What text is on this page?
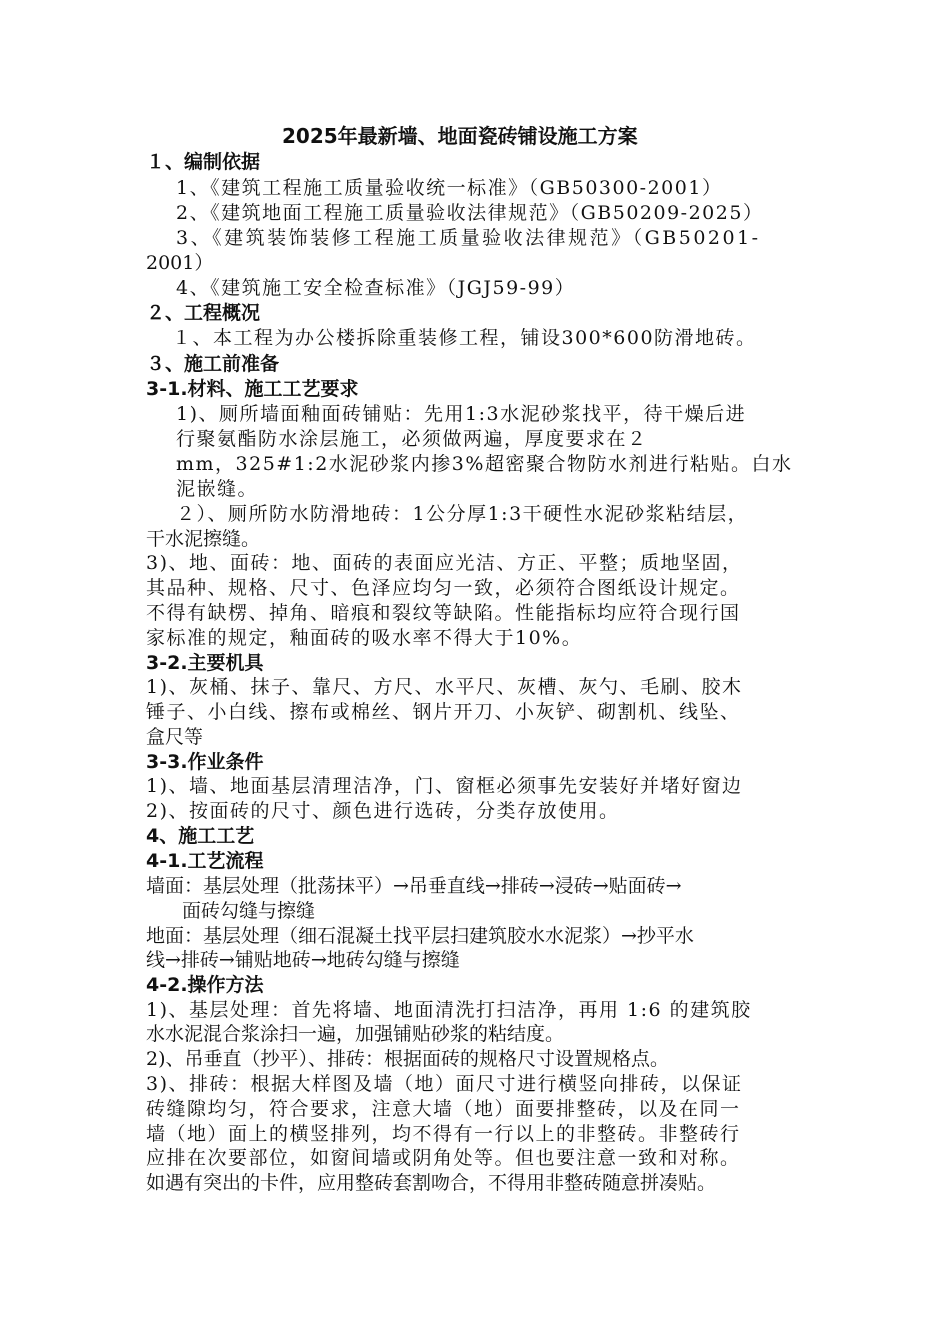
2025年最新墙、地面瓷砖铺设施工方案
１、编制依据
1、《建筑工程施工质量验收统一标准》（GB50300-2001）
2、《建筑地面工程施工质量验收法律规范》（GB50209-2025）
3、《建筑装饰装修工程施工质量验收法律规范》（GB50201-
2001）
4、《建筑施工安全检查标准》（JGJ59-99）
２、工程概况
１、本工程为办公楼拆除重装修工程，铺设300*600防滑地砖。
３、施工前准备
3-1.材料、施工工艺要求
1)、厕所墙面釉面砖铺贴：先用1:3水泥砂浆找平，待干燥后进
行聚氨酯防水涂层施工，必须做两遍，厚度要求在２
mm，325#1:2水泥砂浆内掺3%超密聚合物防水剂进行粘贴。白水
泥嵌缝。
２）、厕所防水防滑地砖：1公分厚1:3干硬性水泥砂浆粘结层，
干水泥擦缝。
3)、地、面砖：地、面砖的表面应光洁、方正、平整；质地坚固，
其品种、规格、尺寸、色泽应均匀一致，必须符合图纸设计规定。
不得有缺楞、掉角、暗痕和裂纹等缺陷。性能指标均应符合现行国
家标准的规定，釉面砖的吸水率不得大于10%。
3-2.主要机具
1)、灰桶、抹子、靠尺、方尺、水平尺、灰槽、灰勺、毛刷、胶木
锤子、小白线、擦布或棉丝、钢片开刀、小灰铲、砌割机、线坠、
盒尺等
3-3.作业条件
1)、墙、地面基层清理洁净，门、窗框必须事先安装好并堵好窗边
2)、按面砖的尺寸、颜色进行选砖，分类存放使用。
4、施工工艺
4-1.工艺流程
墙面：基层处理（批荡抹平）→吊垂直线→排砖→浸砖→贴面砖→
面砖勾缝与擦缝
地面：基层处理（细石混凝土找平层扫建筑胶水水泥浆）→抄平水
线→排砖→铺贴地砖→地砖勾缝与擦缝
4-2.操作方法
1)、基层处理：首先将墙、地面清洗打扫洁净，再用 1:6 的建筑胶
水水泥混合浆涂扫一遍，加强铺贴砂浆的粘结度。
2)、吊垂直（抄平）、排砖：根据面砖的规格尺寸设置规格点。
3)、排砖：根据大样图及墙（地）面尺寸进行横竖向排砖，以保证
砖缝隙均匀，符合要求，注意大墙（地）面要排整砖，以及在同一
墙（地）面上的横竖排列，均不得有一行以上的非整砖。非整砖行
应排在次要部位，如窗间墙或阴角处等。但也要注意一致和对称。
如遇有突出的卡件，应用整砖套割吻合，不得用非整砖随意拼凑贴。
